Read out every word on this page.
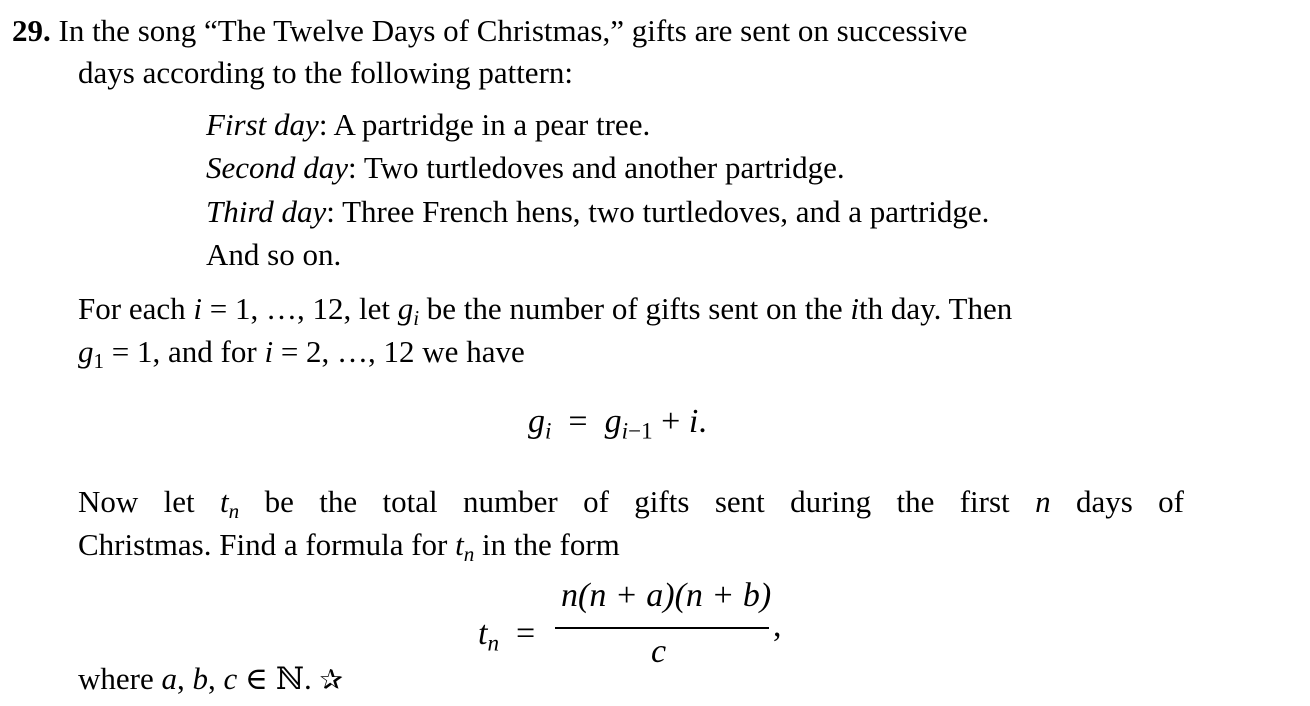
29. In the song “The Twelve Days of Christmas,” gifts are sent on successive
days according to the following pattern:
First day: A partridge in a pear tree.
Second day: Two turtledoves and another partridge.
Third day: Three French hens, two turtledoves, and a partridge.
And so on.
For each i = 1, …, 12, let $g_i$ be the number of gifts sent on the ith day. Then
$g_1 = 1$, and for i = 2, …, 12 we have
$g_i = g_{i-1} + i$.
Now let $t_n$ be the total number of gifts sent during the first n days of
Christmas. Find a formula for $t_n$ in the form
$t_n$  =
n(n + a)(n + b)
c
,
where a, b, c ∈ ℕ. ✰
